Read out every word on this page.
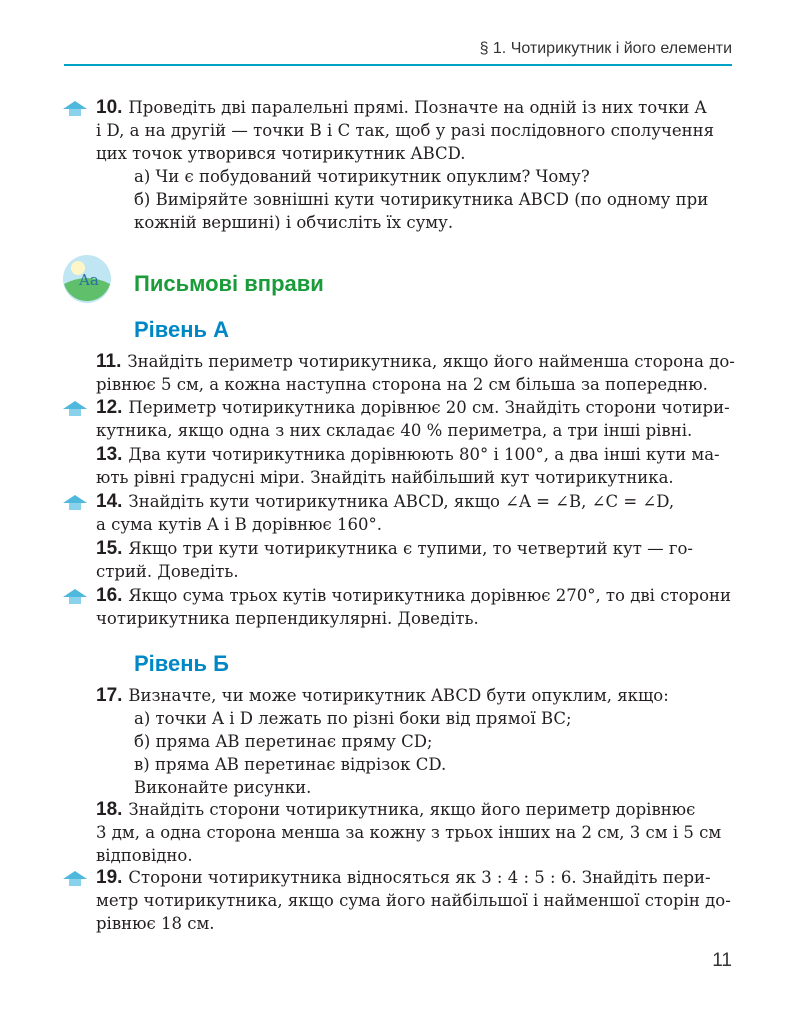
§ 1. Чотирикутник і його елементи
10. Проведіть дві паралельні прямі. Позначте на одній із них точки A
і D, а на другій — точки B і C так, щоб у разі послідовного сполучення
цих точок утворився чотирикутник ABCD.
а) Чи є побудований чотирикутник опуклим? Чому?
б) Виміряйте зовнішні кути чотирикутника ABCD (по одному при
кожній вершині) і обчисліть їх суму.
Aa Письмові вправи
Рівень А
11. Знайдіть периметр чотирикутника, якщо його найменша сторона до-
рівнює 5 см, а кожна наступна сторона на 2 см більша за попередню.
12. Периметр чотирикутника дорівнює 20 см. Знайдіть сторони чотири-
кутника, якщо одна з них складає 40 % периметра, а три інші рівні.
13. Два кути чотирикутника дорівнюють 80° і 100°, а два інші кути ма-
ють рівні градусні міри. Знайдіть найбільший кут чотирикутника.
14. Знайдіть кути чотирикутника ABCD, якщо ∠A = ∠B, ∠C = ∠D,
а сума кутів A і B дорівнює 160°.
15. Якщо три кути чотирикутника є тупими, то четвертий кут — го-
стрий. Доведіть.
16. Якщо сума трьох кутів чотирикутника дорівнює 270°, то дві сторони
чотирикутника перпендикулярні. Доведіть.
Рівень Б
17. Визначте, чи може чотирикутник ABCD бути опуклим, якщо:
а) точки A і D лежать по різні боки від прямої BC;
б) пряма AB перетинає пряму CD;
в) пряма AB перетинає відрізок CD.
Виконайте рисунки.
18. Знайдіть сторони чотирикутника, якщо його периметр дорівнює
3 дм, а одна сторона менша за кожну з трьох інших на 2 см, 3 см і 5 см
відповідно.
19. Сторони чотирикутника відносяться як 3 : 4 : 5 : 6. Знайдіть пери-
метр чотирикутника, якщо сума його найбільшої і найменшої сторін до-
рівнює 18 см.
11
